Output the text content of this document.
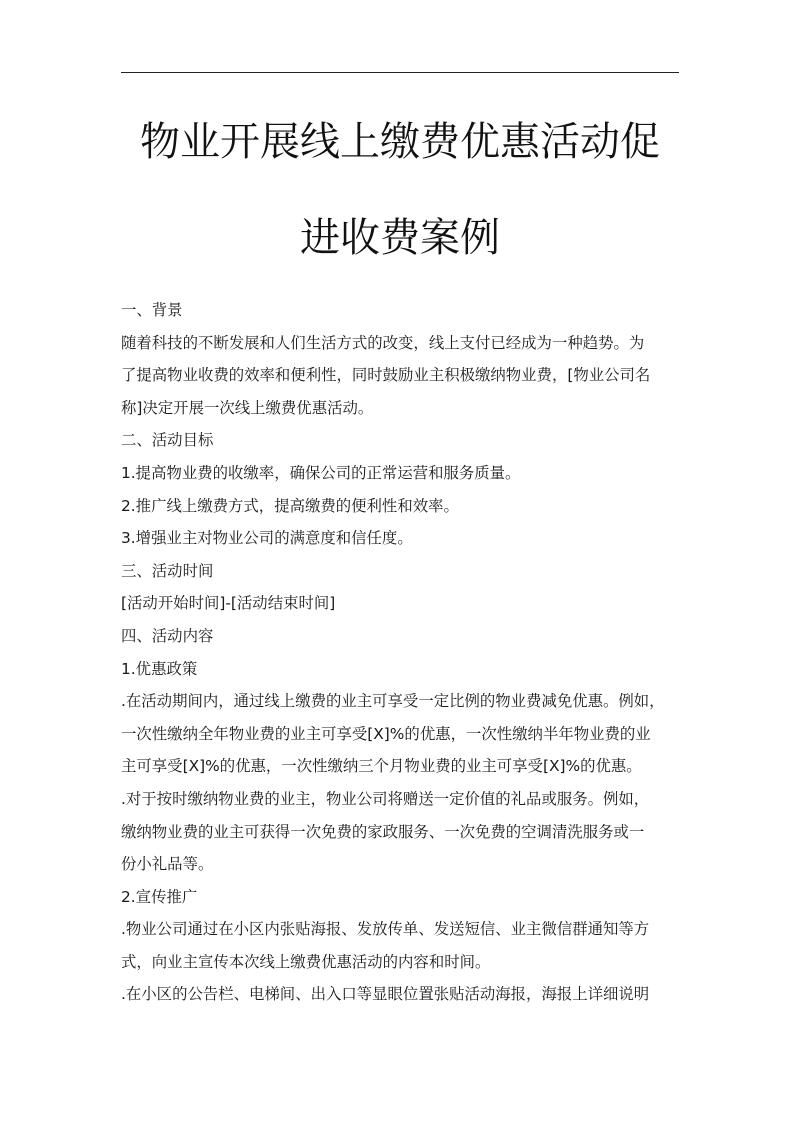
物业开展线上缴费优惠活动促
进收费案例
一、背景
随着科技的不断发展和人们生活方式的改变，线上支付已经成为一种趋势。为
了提高物业收费的效率和便利性，同时鼓励业主积极缴纳物业费，[物业公司名
称]决定开展一次线上缴费优惠活动。
二、活动目标
1.提高物业费的收缴率，确保公司的正常运营和服务质量。
2.推广线上缴费方式，提高缴费的便利性和效率。
3.增强业主对物业公司的满意度和信任度。
三、活动时间
[活动开始时间]-[活动结束时间]
四、活动内容
1.优惠政策
.在活动期间内，通过线上缴费的业主可享受一定比例的物业费减免优惠。例如，
一次性缴纳全年物业费的业主可享受[X]%的优惠，一次性缴纳半年物业费的业
主可享受[X]%的优惠，一次性缴纳三个月物业费的业主可享受[X]%的优惠。
.对于按时缴纳物业费的业主，物业公司将赠送一定价值的礼品或服务。例如，
缴纳物业费的业主可获得一次免费的家政服务、一次免费的空调清洗服务或一
份小礼品等。
2.宣传推广
.物业公司通过在小区内张贴海报、发放传单、发送短信、业主微信群通知等方
式，向业主宣传本次线上缴费优惠活动的内容和时间。
.在小区的公告栏、电梯间、出入口等显眼位置张贴活动海报，海报上详细说明
